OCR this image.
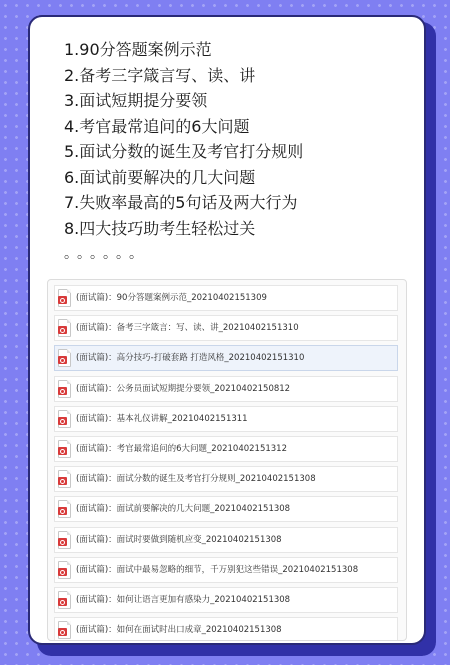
1.90分答题案例示范
2.备考三字箴言写、读、讲
3.面试短期提分要领
4.考官最常追问的6大问题
5.面试分数的诞生及考官打分规则
6.面试前要解决的几大问题
7.失败率最高的5句话及两大行为
8.四大技巧助考生轻松过关
。。。。。。
(面试篇)：90分答题案例示范_20210402151309
(面试篇)：备考三字箴言：写、读、讲_20210402151310
(面试篇)：高分技巧-打破套路 打造风格_20210402151310
(面试篇)：公务员面试短期提分要领_20210402150812
(面试篇)：基本礼仪讲解_20210402151311
(面试篇)：考官最常追问的6大问题_20210402151312
(面试篇)：面试分数的诞生及考官打分规则_20210402151308
(面试篇)：面试前要解决的几大问题_20210402151308
(面试篇)：面试时要做到随机应变_20210402151308
(面试篇)：面试中最易忽略的细节，千万别犯这些错误_20210402151308
(面试篇)：如何让语言更加有感染力_20210402151308
(面试篇)：如何在面试时出口成章_20210402151308
